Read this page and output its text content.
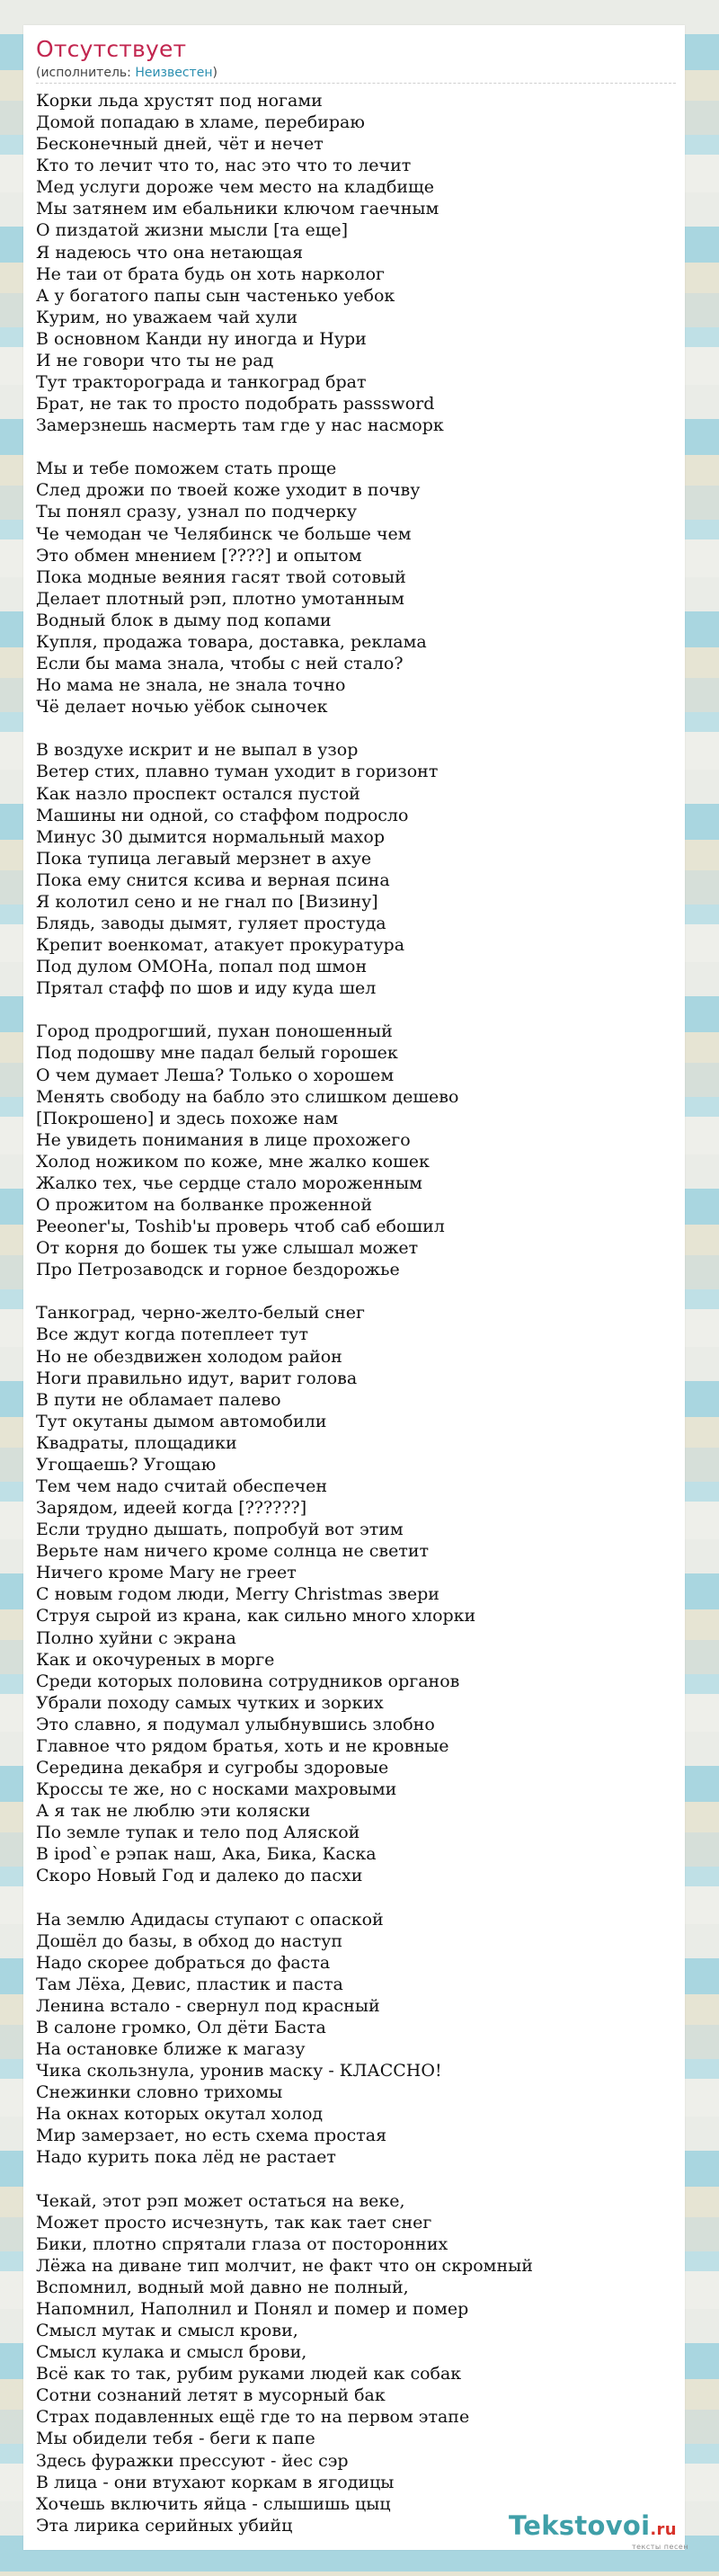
Отсутствует
(исполнитель: Неизвестен)
Корки льда хрустят под ногами
Домой попадаю в хламе, перебираю
Бесконечный дней, чёт и нечет
Кто то лечит что то, нас это что то лечит
Мед услуги дороже чем место на кладбище
Мы затянем им ебальники ключом гаечным
О пиздатой жизни мысли [та еще]
Я надеюсь что она нетающая
Не таи от брата будь он хоть нарколог
А у богатого папы сын частенько уебок
Курим, но уважаем чай хули
В основном Канди ну иногда и Нури
И не говори что ты не рад
Тут тракторограда и танкоград брат
Брат, не так то просто подобрать passsword
Замерзнешь насмерть там где у нас насморк
Мы и тебе поможем стать проще
След дрожи по твоей коже уходит в почву
Ты понял сразу, узнал по подчерку
Че чемодан че Челябинск че больше чем
Это обмен мнением [????] и опытом
Пока модные веяния гасят твой сотовый
Делает плотный рэп, плотно умотанным
Водный блок в дыму под копами
Купля, продажа товара, доставка, реклама
Если бы мама знала, чтобы с ней стало?
Но мама не знала, не знала точно
Чё делает ночью уёбок сыночек
В воздухе искрит и не выпал в узор
Ветер стих, плавно туман уходит в горизонт
Как назло проспект остался пустой
Машины ни одной, со стаффом подросло
Минус 30 дымится нормальный махор
Пока тупица легавый мерзнет в ахуе
Пока ему снится ксива и верная псина
Я колотил сено и не гнал по [Визину]
Блядь, заводы дымят, гуляет простуда
Крепит военкомат, атакует прокуратура
Под дулом ОМОНа, попал под шмон
Прятал стафф по шов и иду куда шел
Город продрогший, пухан поношенный
Под подошву мне падал белый горошек
О чем думает Леша? Только о хорошем
Менять свободу на бабло это слишком дешево
[Покрошено] и здесь похоже нам
Не увидеть понимания в лице прохожего
Холод ножиком по коже, мне жалко кошек
Жалко тех, чье сердце стало мороженным
О прожитом на болванке проженной
Peeoner'ы, Toshib'ы проверь чтоб саб ебошил
От корня до бошек ты уже слышал может
Про Петрозаводск и горное бездорожье
Танкоград, черно-желто-белый снег
Все ждут когда потеплеет тут
Но не обездвижен холодом район
Ноги правильно идут, варит голова
В пути не обламает палево
Тут окутаны дымом автомобили
Квадраты, площадики
Угощаешь? Угощаю
Тем чем надо считай обеспечен
Зарядом, идеей когда [??????]
Если трудно дышать, попробуй вот этим
Верьте нам ничего кроме солнца не светит
Ничего кроме Mary не греет
С новым годом люди, Merry Christmas звери
Струя сырой из крана, как сильно много хлорки
Полно хуйни с экрана
Как и окочуреных в морге
Среди которых половина сотрудников органов
Убрали походу самых чутких и зорких
Это славно, я подумал улыбнувшись злобно
Главное что рядом братья, хоть и не кровные
Середина декабря и сугробы здоровые
Кроссы те же, но с носками махровыми
А я так не люблю эти коляски
По земле тупак и тело под Аляской
В ipod`е рэпак наш, Ака, Бика, Каска
Скоро Новый Год и далеко до пасхи
На землю Адидасы ступают с опаской
Дошёл до базы, в обход до наступ
Надо скорее добраться до фаста
Там Лёха, Девис, пластик и паста
Ленина встало - свернул под красный
В салоне громко, Ол дёти Баста
На остановке ближе к магазу
Чика скользнула, уронив маску - КЛАССНО!
Снежинки словно трихомы
На окнах которых окутал холод
Мир замерзает, но есть схема простая
Надо курить пока лёд не растает
Чекай, этот рэп может остаться на веке,
Может просто исчезнуть, так как тает снег
Бики, плотно спрятали глаза от посторонних
Лёжа на диване тип молчит, не факт что он скромный
Вспомнил, водный мой давно не полный,
Напомнил, Наполнил и Понял и помер и помер
Смысл мутак и смысл крови,
Смысл кулака и смысл брови,
Всё как то так, рубим руками людей как собак
Сотни сознаний летят в мусорный бак
Страх подавленных ещё где то на первом этапе
Мы обидели тебя - беги к папе
Здесь фуражки прессуют - йес сэр
В лица - они втухают коркам в ягодицы
Хочешь включить яйца - слышишь цыц
Эта лирика серийных убийц	Tekstovoi.ru
тексты песен
